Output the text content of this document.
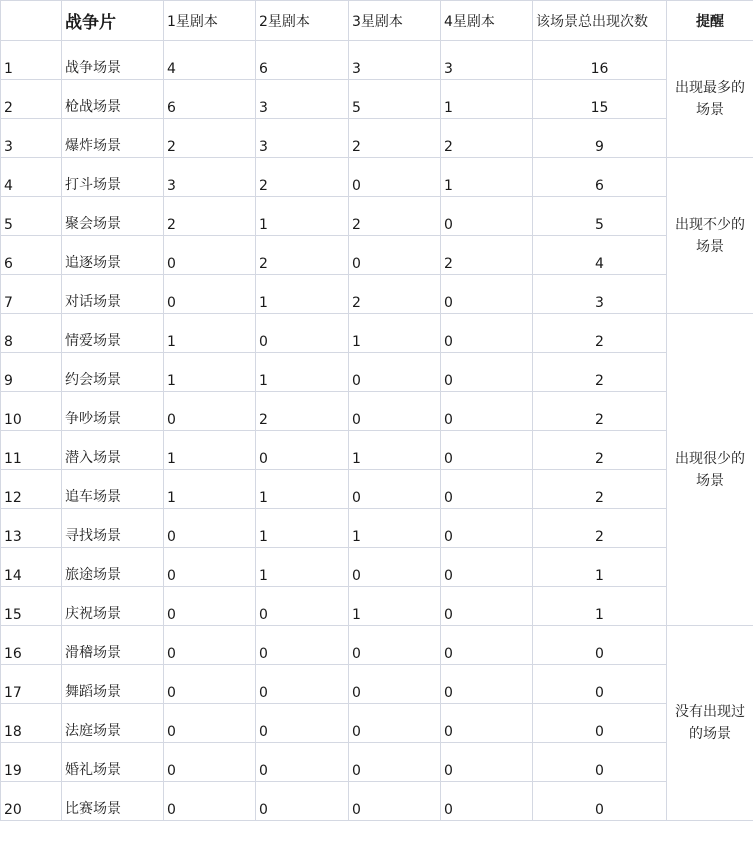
	战争片	1星剧本	2星剧本	3星剧本	4星剧本	该场景总出现次数	提醒
1	战争场景	4	6	3	3	16	出现最多的场景
2	枪战场景	6	3	5	1	15	
3	爆炸场景	2	3	2	2	9	
4	打斗场景	3	2	0	1	6	出现不少的场景
5	聚会场景	2	1	2	0	5	
6	追逐场景	0	2	0	2	4	
7	对话场景	0	1	2	0	3	
8	情爱场景	1	0	1	0	2	出现很少的场景
9	约会场景	1	1	0	0	2	
10	争吵场景	0	2	0	0	2	
11	潜入场景	1	0	1	0	2	
12	追车场景	1	1	0	0	2	
13	寻找场景	0	1	1	0	2	
14	旅途场景	0	1	0	0	1	
15	庆祝场景	0	0	1	0	1	
16	滑稽场景	0	0	0	0	0	没有出现过的场景
17	舞蹈场景	0	0	0	0	0	
18	法庭场景	0	0	0	0	0	
19	婚礼场景	0	0	0	0	0	
20	比赛场景	0	0	0	0	0	
